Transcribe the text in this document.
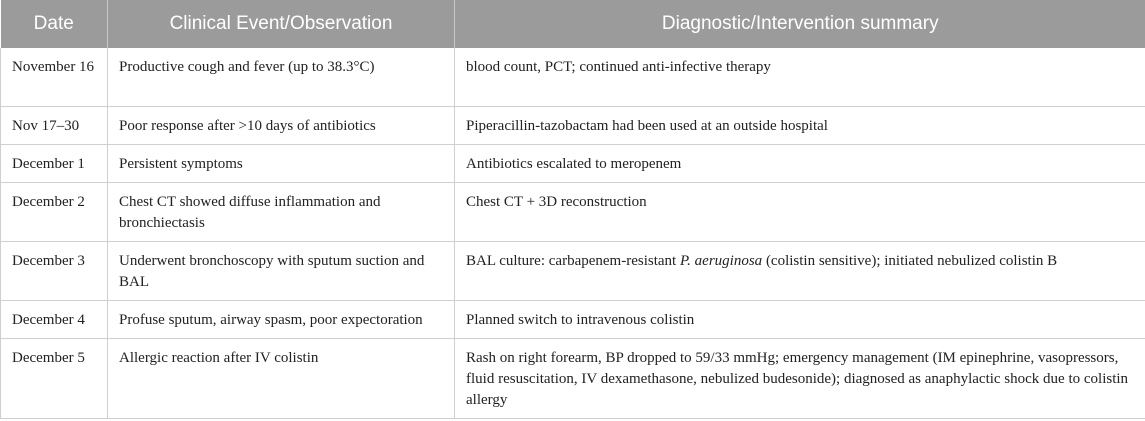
Date	Clinical Event/Observation	Diagnostic/Intervention summary
November 16	Productive cough and fever (up to 38.3°C)	blood count, PCT; continued anti-infective therapy
Nov 17–30	Poor response after >10 days of antibiotics	Piperacillin-tazobactam had been used at an outside hospital
December 1	Persistent symptoms	Antibiotics escalated to meropenem
December 2	Chest CT showed diffuse inflammation and bronchiectasis	Chest CT + 3D reconstruction
December 3	Underwent bronchoscopy with sputum suction and BAL	BAL culture: carbapenem-resistant P. aeruginosa (colistin sensitive); initiated nebulized colistin B
December 4	Profuse sputum, airway spasm, poor expectoration	Planned switch to intravenous colistin
December 5	Allergic reaction after IV colistin	Rash on right forearm, BP dropped to 59/33 mmHg; emergency management (IM epinephrine, vasopressors, fluid resuscitation, IV dexamethasone, nebulized budesonide); diagnosed as anaphylactic shock due to colistin allergy
